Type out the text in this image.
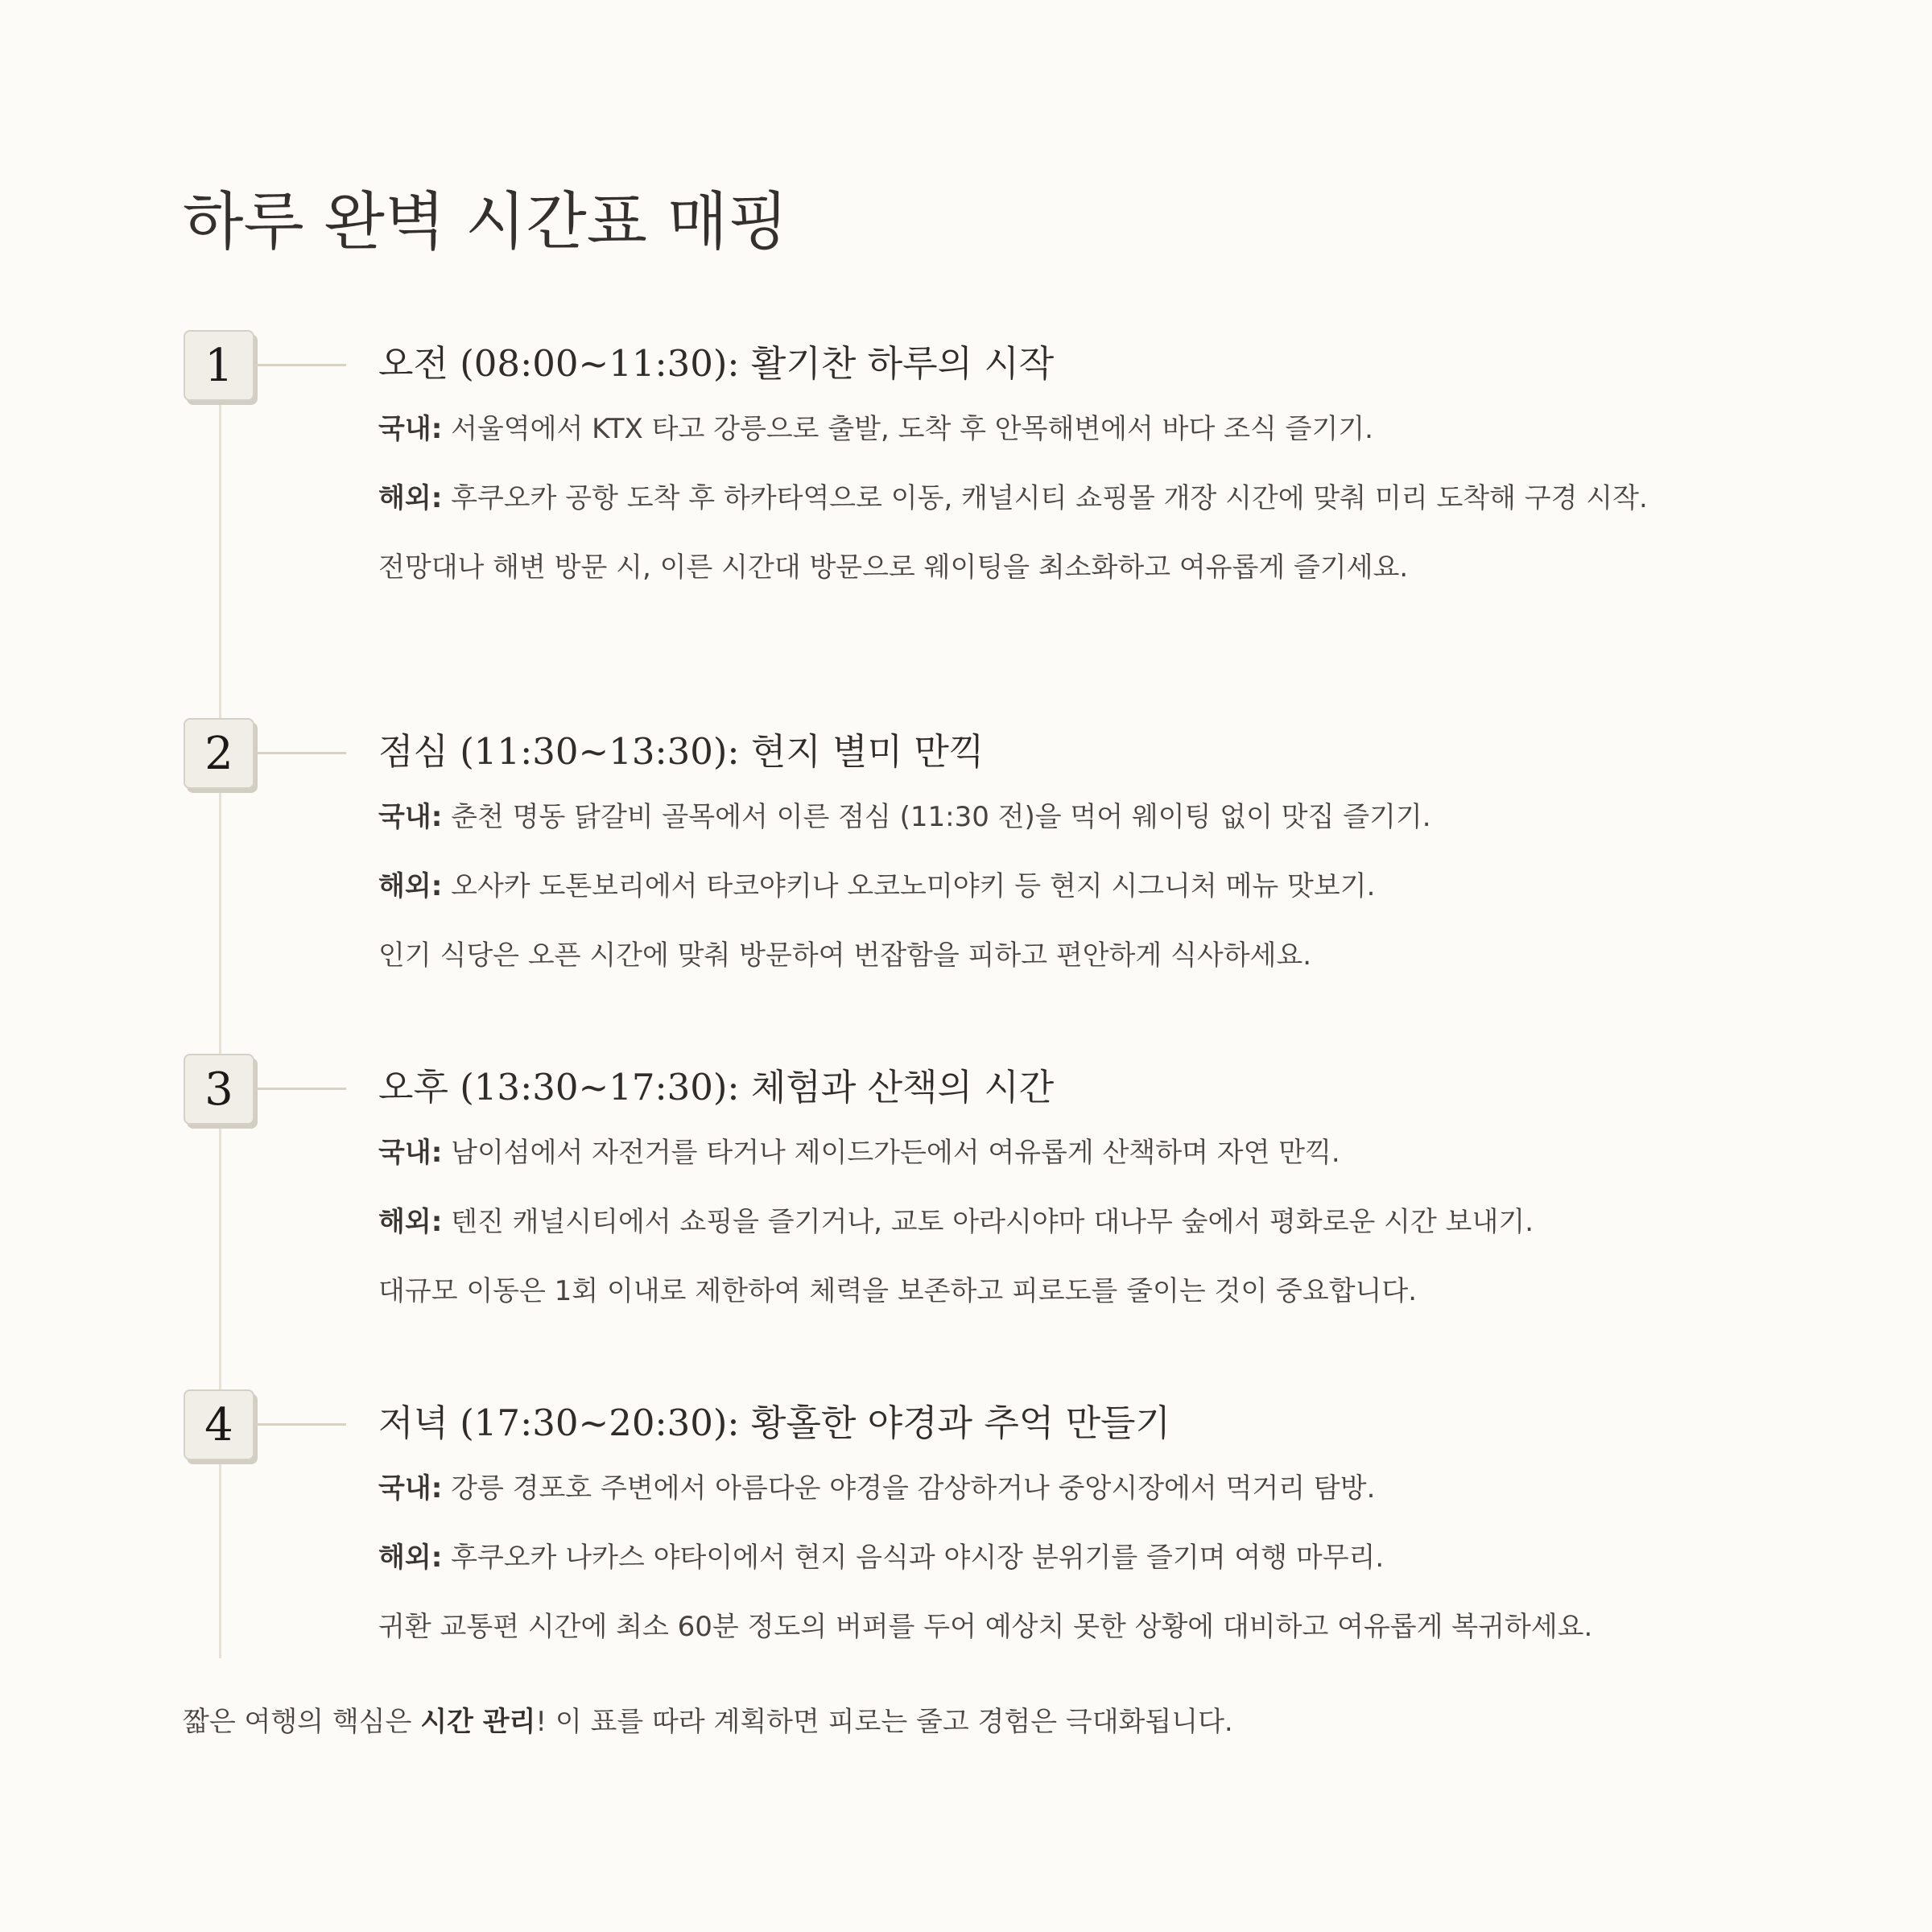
하루 완벽 시간표 매핑
1	오전 (08:00~11:30): 활기찬 하루의 시작

국내: 서울역에서 KTX 타고 강릉으로 출발, 도착 후 안목해변에서 바다 조식 즐기기.

해외: 후쿠오카 공항 도착 후 하카타역으로 이동, 캐널시티 쇼핑몰 개장 시간에 맞춰 미리 도착해 구경 시작.

전망대나 해변 방문 시, 이른 시간대 방문으로 웨이팅을 최소화하고 여유롭게 즐기세요.

2	점심 (11:30~13:30): 현지 별미 만끽

국내: 춘천 명동 닭갈비 골목에서 이른 점심 (11:30 전)을 먹어 웨이팅 없이 맛집 즐기기.

해외: 오사카 도톤보리에서 타코야키나 오코노미야키 등 현지 시그니처 메뉴 맛보기.

인기 식당은 오픈 시간에 맞춰 방문하여 번잡함을 피하고 편안하게 식사하세요.

3	오후 (13:30~17:30): 체험과 산책의 시간

국내: 남이섬에서 자전거를 타거나 제이드가든에서 여유롭게 산책하며 자연 만끽.

해외: 텐진 캐널시티에서 쇼핑을 즐기거나, 교토 아라시야마 대나무 숲에서 평화로운 시간 보내기.

대규모 이동은 1회 이내로 제한하여 체력을 보존하고 피로도를 줄이는 것이 중요합니다.

4	저녁 (17:30~20:30): 황홀한 야경과 추억 만들기

국내: 강릉 경포호 주변에서 아름다운 야경을 감상하거나 중앙시장에서 먹거리 탐방.

해외: 후쿠오카 나카스 야타이에서 현지 음식과 야시장 분위기를 즐기며 여행 마무리.

귀환 교통편 시간에 최소 60분 정도의 버퍼를 두어 예상치 못한 상황에 대비하고 여유롭게 복귀하세요.

짧은 여행의 핵심은 시간 관리! 이 표를 따라 계획하면 피로는 줄고 경험은 극대화됩니다.
